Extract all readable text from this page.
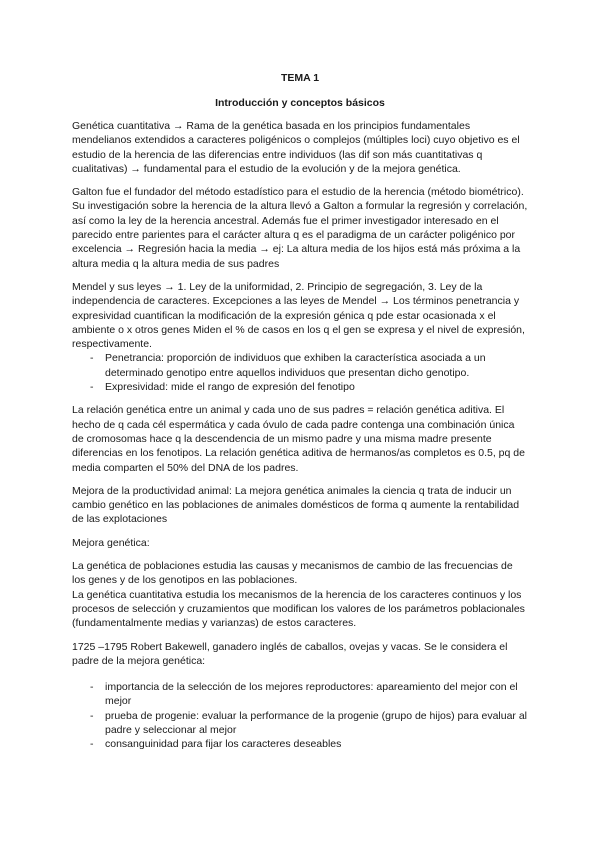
TEMA 1
Introducción y conceptos básicos

Genética cuantitativa → Rama de la genética basada en los principios fundamentales mendelianos extendidos a caracteres poligénicos o complejos (múltiples loci) cuyo objetivo es el estudio de la herencia de las diferencias entre individuos (las dif son más cuantitativas q cualitativas) → fundamental para el estudio de la evolución y de la mejora genética.

Galton fue el fundador del método estadístico para el estudio de la herencia (método biométrico). Su investigación sobre la herencia de la altura llevó a Galton a formular la regresión y correlación, así como la ley de la herencia ancestral. Además fue el primer investigador interesado en el parecido entre parientes para el carácter altura q es el paradigma de un carácter poligénico por excelencia → Regresión hacia la media → ej: La altura media de los hijos está más próxima a la altura media q la altura media de sus padres

Mendel y sus leyes → 1. Ley de la uniformidad, 2. Principio de segregación, 3. Ley de la independencia de caracteres. Excepciones a las leyes de Mendel → Los términos penetrancia y expresividad cuantifican la modificación de la expresión génica q pde estar ocasionada x el ambiente o x otros genes Miden el % de casos en los q el gen se expresa y el nivel de expresión, respectivamente.

- Penetrancia: proporción de individuos que exhiben la característica asociada a un determinado genotipo entre aquellos individuos que presentan dicho genotipo.
- Expresividad: mide el rango de expresión del fenotipo

La relación genética entre un animal y cada uno de sus padres = relación genética aditiva. El hecho de q cada cél espermática y cada óvulo de cada padre contenga una combinación única de cromosomas hace q la descendencia de un mismo padre y una misma madre presente diferencias en los fenotipos. La relación genética aditiva de hermanos/as completos es 0.5, pq de media comparten el 50% del DNA de los padres.

Mejora de la productividad animal: La mejora genética animales la ciencia q trata de inducir un cambio genético en las poblaciones de animales domésticos de forma q aumente la rentabilidad de las explotaciones

Mejora genética:

La genética de poblaciones estudia las causas y mecanismos de cambio de las frecuencias de los genes y de los genotipos en las poblaciones.

La genética cuantitativa estudia los mecanismos de la herencia de los caracteres continuos y los procesos de selección y cruzamientos que modifican los valores de los parámetros poblacionales (fundamentalmente medias y varianzas) de estos caracteres.

1725 –1795 Robert Bakewell, ganadero inglés de caballos, ovejas y vacas. Se le considera el padre de la mejora genética:

- importancia de la selección de los mejores reproductores: apareamiento del mejor con el mejor
- prueba de progenie: evaluar la performance de la progenie (grupo de hijos) para evaluar al padre y seleccionar al mejor
- consanguinidad para fijar los caracteres deseables
